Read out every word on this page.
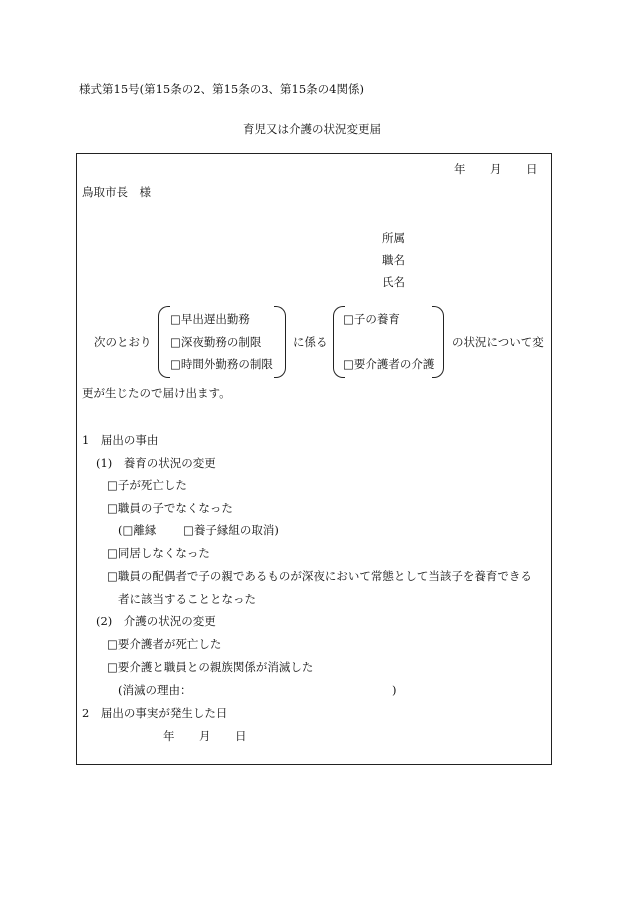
様式第15号(第15条の2、第15条の3、第15条の4関係)
育児又は介護の状況変更届
年 月 日
鳥取市長　様
所属
職名
氏名
次のとおり
□早出遅出勤務
□深夜勤務の制限
□時間外勤務の制限
に係る
□子の養育
□要介護者の介護
の状況について変
更が生じたので届け出ます。
1　届出の事由
(1)　養育の状況の変更
□子が死亡した
□職員の子でなくなった
(□離縁 □養子縁組の取消)
□同居しなくなった
□職員の配偶者で子の親であるものが深夜において常態として当該子を養育できる
者に該当することとなった
(2)　介護の状況の変更
□要介護者が死亡した
□要介護と職員との親族関係が消滅した
(消滅の理由：	)
2　届出の事実が発生した日
年 月 日
